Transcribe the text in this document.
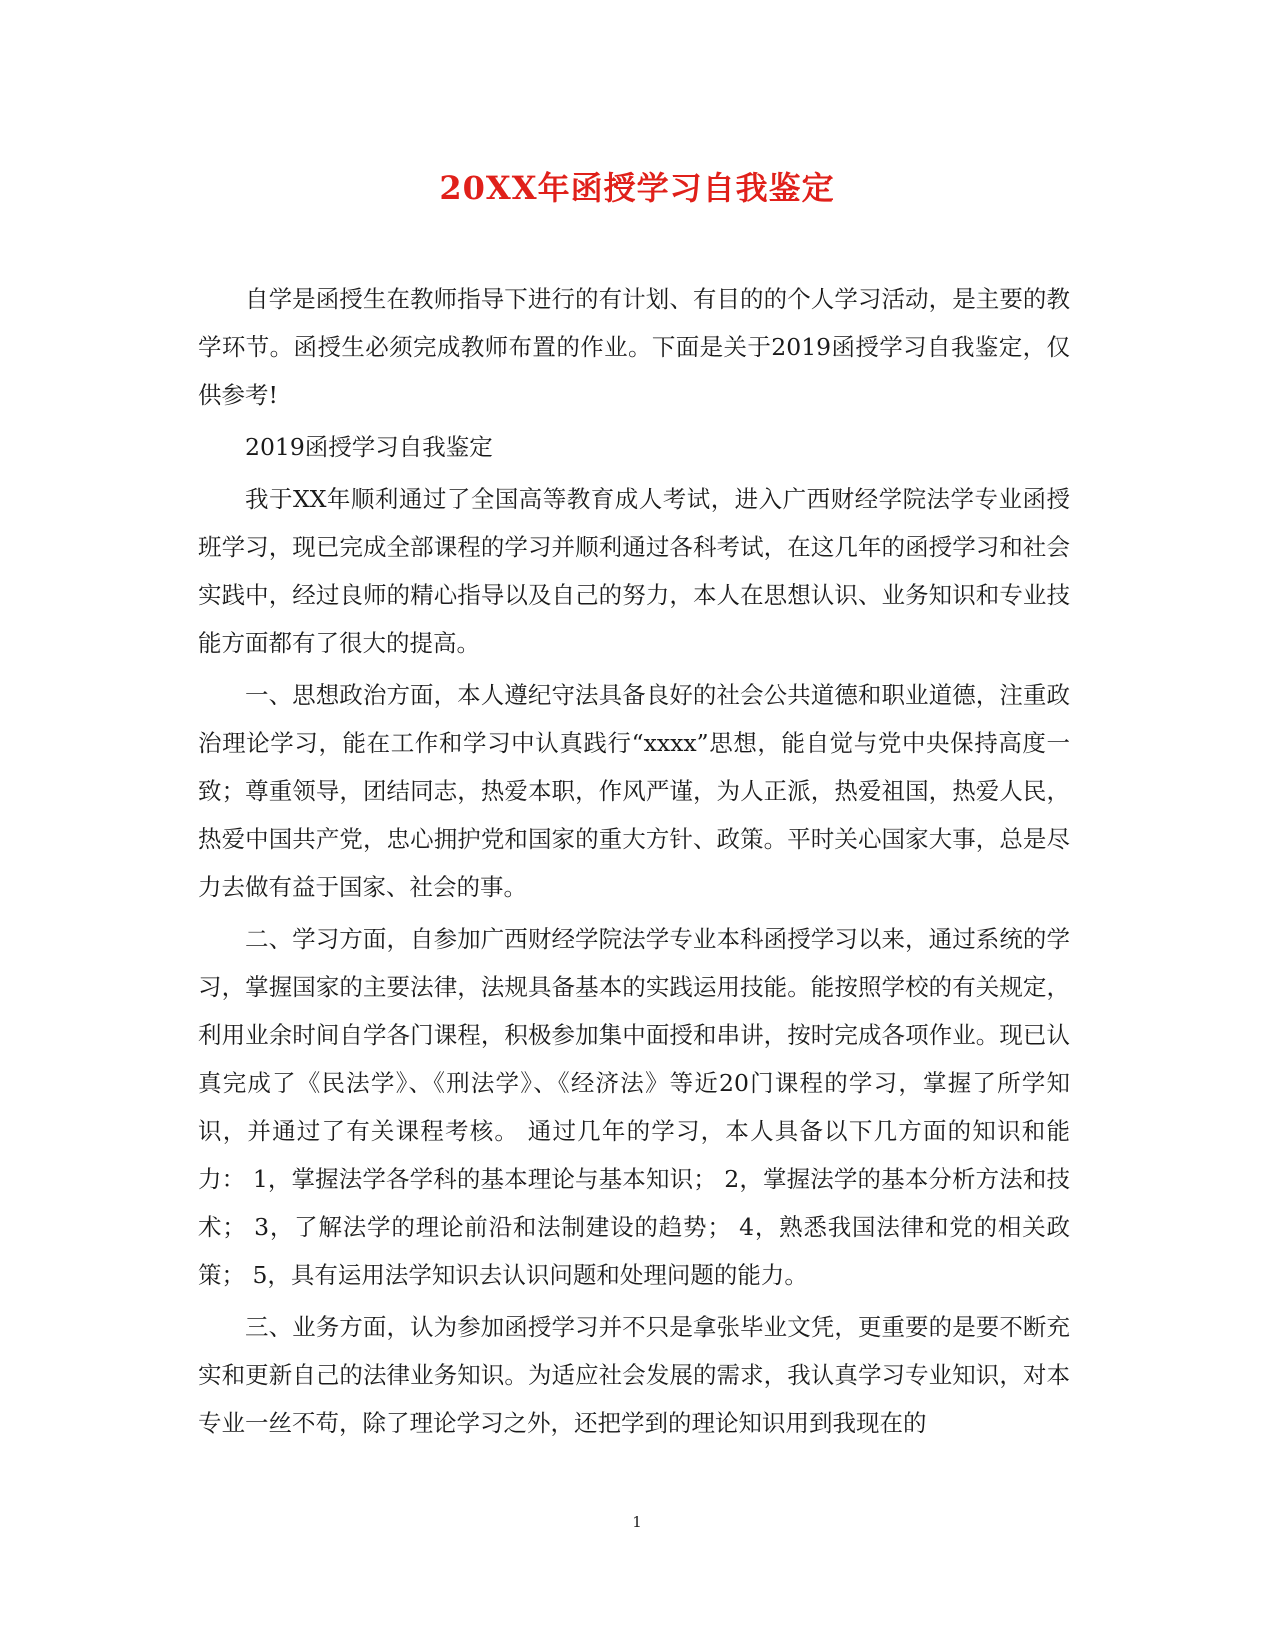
20XX年函授学习自我鉴定

自学是函授生在教师指导下进行的有计划、有目的的个人学习活动，是主要的教学环节。函授生必须完成教师布置的作业。下面是关于2019函授学习自我鉴定，仅供参考!

2019函授学习自我鉴定

我于XX年顺利通过了全国高等教育成人考试，进入广西财经学院法学专业函授班学习，现已完成全部课程的学习并顺利通过各科考试，在这几年的函授学习和社会实践中，经过良师的精心指导以及自己的努力，本人在思想认识、业务知识和专业技能方面都有了很大的提高。

一、思想政治方面，本人遵纪守法具备良好的社会公共道德和职业道德，注重政治理论学习，能在工作和学习中认真践行“xxxx”思想，能自觉与党中央保持高度一致；尊重领导，团结同志，热爱本职，作风严谨，为人正派，热爱祖国，热爱人民，热爱中国共产党，忠心拥护党和国家的重大方针、政策。平时关心国家大事，总是尽力去做有益于国家、社会的事。

二、学习方面，自参加广西财经学院法学专业本科函授学习以来，通过系统的学习，掌握国家的主要法律，法规具备基本的实践运用技能。能按照学校的有关规定，利用业余时间自学各门课程，积极参加集中面授和串讲，按时完成各项作业。现已认真完成了《民法学》、《刑法学》、《经济法》等近20门课程的学习，掌握了所学知识，并通过了有关课程考核。 通过几年的学习，本人具备以下几方面的知识和能力： 1，掌握法学各学科的基本理论与基本知识； 2，掌握法学的基本分析方法和技术； 3，了解法学的理论前沿和法制建设的趋势； 4，熟悉我国法律和党的相关政策； 5，具有运用法学知识去认识问题和处理问题的能力。

三、业务方面，认为参加函授学习并不只是拿张毕业文凭，更重要的是要不断充实和更新自己的法律业务知识。为适应社会发展的需求，我认真学习专业知识，对本专业一丝不苟，除了理论学习之外，还把学到的理论知识用到我现在的

1
